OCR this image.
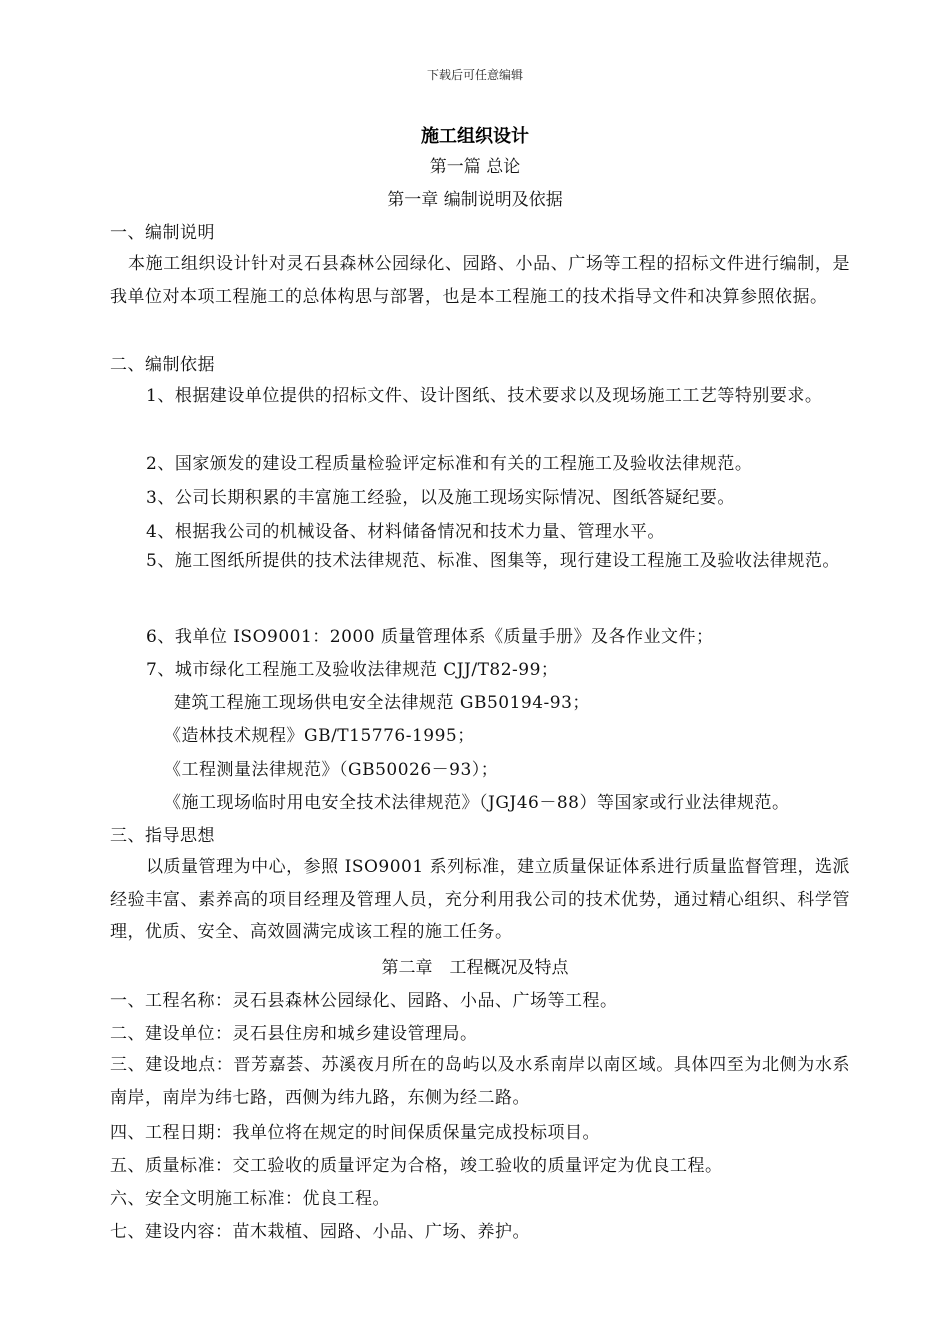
下载后可任意编辑
施工组织设计
第一篇 总论
第一章 编制说明及依据
一、编制说明
本施工组织设计针对灵石县森林公园绿化、园路、小品、广场等工程的招标文件进行编制，是我单位对本项工程施工的总体构思与部署，也是本工程施工的技术指导文件和决算参照依据。
二、编制依据
1、根据建设单位提供的招标文件、设计图纸、技术要求以及现场施工工艺等特别要求。
2、国家颁发的建设工程质量检验评定标准和有关的工程施工及验收法律规范。
3、公司长期积累的丰富施工经验，以及施工现场实际情况、图纸答疑纪要。
4、根据我公司的机械设备、材料储备情况和技术力量、管理水平。
5、施工图纸所提供的技术法律规范、标准、图集等，现行建设工程施工及验收法律规范。
6、我单位 ISO9001：2000 质量管理体系《质量手册》及各作业文件；
7、城市绿化工程施工及验收法律规范 CJJ/T82-99；
建筑工程施工现场供电安全法律规范 GB50194-93；
《造林技术规程》GB/T15776-1995；
《工程测量法律规范》（GB50026－93）；
《施工现场临时用电安全技术法律规范》（JGJ46－88）等国家或行业法律规范。
三、指导思想
以质量管理为中心，参照 ISO9001 系列标准，建立质量保证体系进行质量监督管理，选派经验丰富、素养高的项目经理及管理人员，充分利用我公司的技术优势，通过精心组织、科学管理，优质、安全、高效圆满完成该工程的施工任务。
第二章　工程概况及特点
一、工程名称：灵石县森林公园绿化、园路、小品、广场等工程。
二、建设单位：灵石县住房和城乡建设管理局。
三、建设地点：晋芳嘉荟、苏溪夜月所在的岛屿以及水系南岸以南区域。具体四至为北侧为水系南岸，南岸为纬七路，西侧为纬九路，东侧为经二路。
四、工程日期：我单位将在规定的时间保质保量完成投标项目。
五、质量标准：交工验收的质量评定为合格，竣工验收的质量评定为优良工程。
六、安全文明施工标准：优良工程。
七、建设内容：苗木栽植、园路、小品、广场、养护。
